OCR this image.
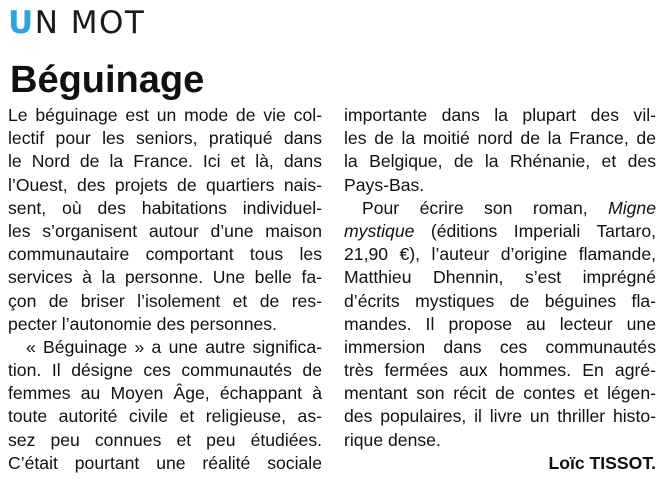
UN MOT
Béguinage
Le béguinage est un mode de vie col-
lectif pour les seniors, pratiqué dans
le Nord de la France. Ici et là, dans
l’Ouest, des projets de quartiers nais-
sent, où des habitations individuel-
les s’organisent autour d’une maison
communautaire comportant tous les
services à la personne. Une belle fa-
çon de briser l’isolement et de res-
pecter l’autonomie des personnes.
« Béguinage » a une autre significa-
tion. Il désigne ces communautés de
femmes au Moyen Âge, échappant à
toute autorité civile et religieuse, as-
sez peu connues et peu étudiées.
C’était pourtant une réalité sociale
importante dans la plupart des vil-
les de la moitié nord de la France, de
la Belgique, de la Rhénanie, et des
Pays-Bas.
Pour écrire son roman, Migne
mystique (éditions Imperiali Tartaro,
21,90 €), l’auteur d’origine flamande,
Matthieu Dhennin, s’est imprégné
d’écrits mystiques de béguines fla-
mandes. Il propose au lecteur une
immersion dans ces communautés
très fermées aux hommes. En agré-
mentant son récit de contes et légen-
des populaires, il livre un thriller histo-
rique dense.
Loïc TISSOT.
